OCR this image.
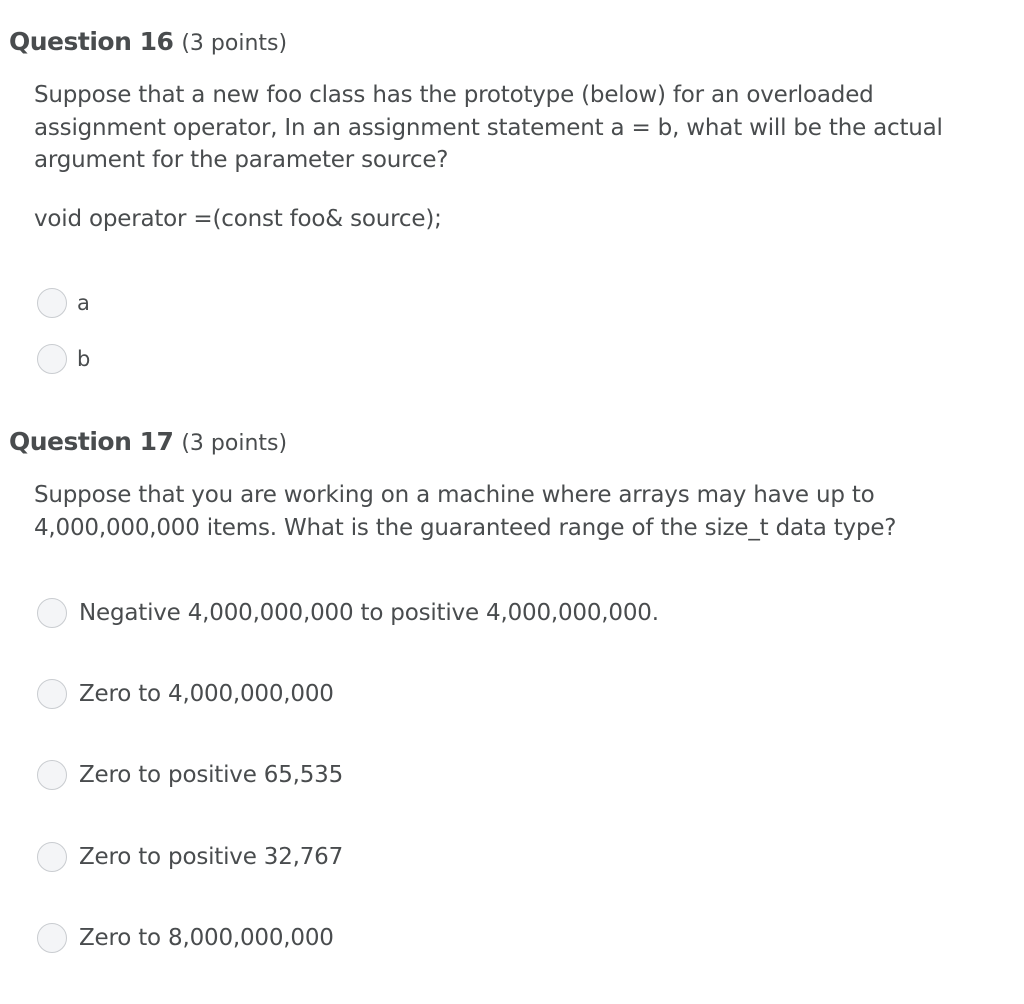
Question 16 (3 points)

Suppose that a new foo class has the prototype (below) for an overloaded assignment operator, In an assignment statement a = b, what will be the actual argument for the parameter source?

void operator =(const foo& source);

a
b
Question 17 (3 points)

Suppose that you are working on a machine where arrays may have up to 4,000,000,000 items. What is the guaranteed range of the size_t data type?

Negative 4,000,000,000 to positive 4,000,000,000.
Zero to 4,000,000,000
Zero to positive 65,535
Zero to positive 32,767
Zero to 8,000,000,000
